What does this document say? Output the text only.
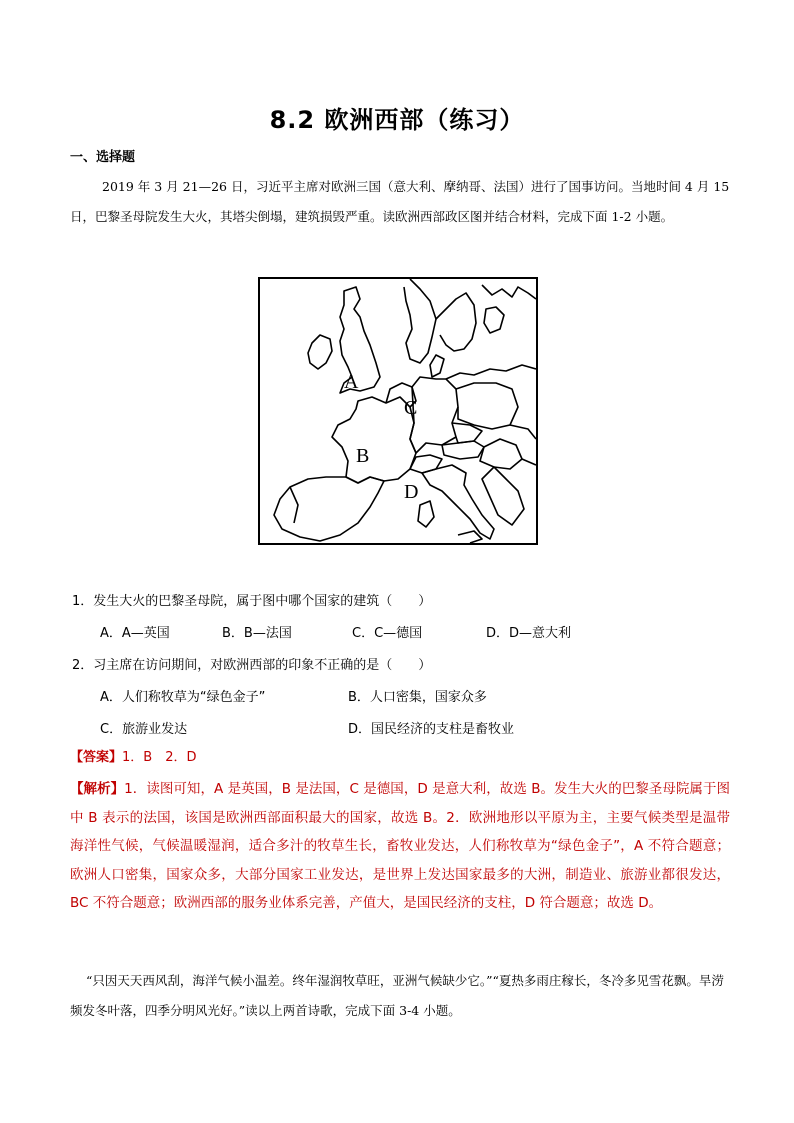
8.2 欧洲西部（练习）
一、选择题
2019 年 3 月 21—26 日，习近平主席对欧洲三国（意大利、摩纳哥、法国）进行了国事访问。当地时间 4 月 15 日，巴黎圣母院发生大火，其塔尖倒塌，建筑损毁严重。读欧洲西部政区图并结合材料，完成下面 1-2 小题。
A
B
C
D
1．发生大火的巴黎圣母院，属于图中哪个国家的建筑（　　）
A．A—英国	B．B—法国	C．C—德国	D．D—意大利
2．习主席在访问期间，对欧洲西部的印象不正确的是（　　）
A．人们称牧草为“绿色金子”	B．人口密集，国家众多
C．旅游业发达	D．国民经济的支柱是畜牧业
【答案】1．B　2．D
【解析】1．读图可知，A 是英国，B 是法国，C 是德国，D 是意大利，故选 B。发生大火的巴黎圣母院属于图中 B 表示的法国，该国是欧洲西部面积最大的国家，故选 B。2．欧洲地形以平原为主，主要气候类型是温带海洋性气候，气候温暖湿润，适合多汁的牧草生长，畜牧业发达，人们称牧草为“绿色金子”，A 不符合题意；欧洲人口密集，国家众多，大部分国家工业发达，是世界上发达国家最多的大洲，制造业、旅游业都很发达，BC 不符合题意；欧洲西部的服务业体系完善，产值大，是国民经济的支柱，D 符合题意；故选 D。
“只因天天西风刮，海洋气候小温差。终年湿润牧草旺，亚洲气候缺少它。”“夏热多雨庄稼长，冬冷多见雪花飘。旱涝频发冬叶落，四季分明风光好。”读以上两首诗歌，完成下面 3-4 小题。
